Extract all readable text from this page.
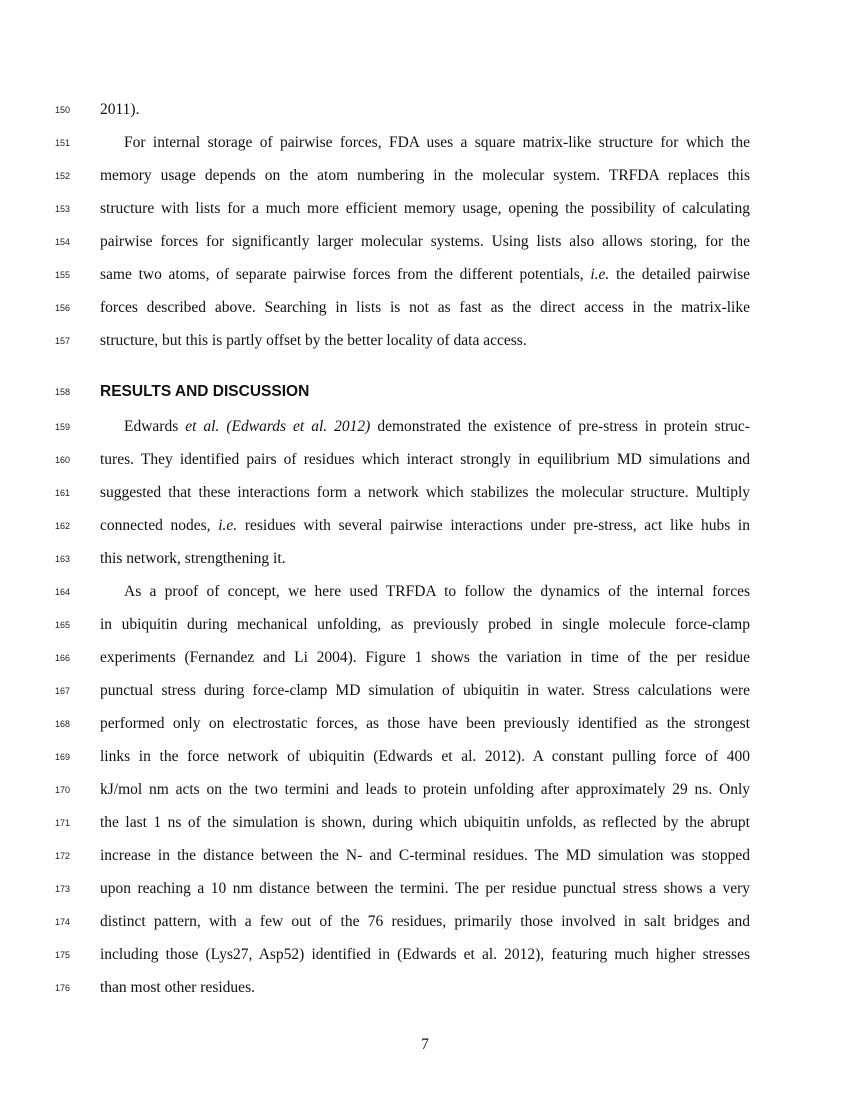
150 2011).
151	For internal storage of pairwise forces, FDA uses a square matrix-like structure for which the
152 memory usage depends on the atom numbering in the molecular system. TRFDA replaces this
153 structure with lists for a much more efficient memory usage, opening the possibility of calculating
154 pairwise forces for significantly larger molecular systems. Using lists also allows storing, for the
155 same two atoms, of separate pairwise forces from the different potentials, i.e. the detailed pairwise
156 forces described above. Searching in lists is not as fast as the direct access in the matrix-like
157 structure, but this is partly offset by the better locality of data access.
158 RESULTS AND DISCUSSION
159	Edwards et al. (Edwards et al. 2012) demonstrated the existence of pre-stress in protein struc-
160 tures. They identified pairs of residues which interact strongly in equilibrium MD simulations and
161 suggested that these interactions form a network which stabilizes the molecular structure. Multiply
162 connected nodes, i.e. residues with several pairwise interactions under pre-stress, act like hubs in
163 this network, strengthening it.
164	As a proof of concept, we here used TRFDA to follow the dynamics of the internal forces
165 in ubiquitin during mechanical unfolding, as previously probed in single molecule force-clamp
166 experiments (Fernandez and Li 2004). Figure 1 shows the variation in time of the per residue
167 punctual stress during force-clamp MD simulation of ubiquitin in water. Stress calculations were
168 performed only on electrostatic forces, as those have been previously identified as the strongest
169 links in the force network of ubiquitin (Edwards et al. 2012). A constant pulling force of 400
170 kJ/mol nm acts on the two termini and leads to protein unfolding after approximately 29 ns. Only
171 the last 1 ns of the simulation is shown, during which ubiquitin unfolds, as reflected by the abrupt
172 increase in the distance between the N- and C-terminal residues. The MD simulation was stopped
173 upon reaching a 10 nm distance between the termini. The per residue punctual stress shows a very
174 distinct pattern, with a few out of the 76 residues, primarily those involved in salt bridges and
175 including those (Lys27, Asp52) identified in (Edwards et al. 2012), featuring much higher stresses
176 than most other residues.
7
